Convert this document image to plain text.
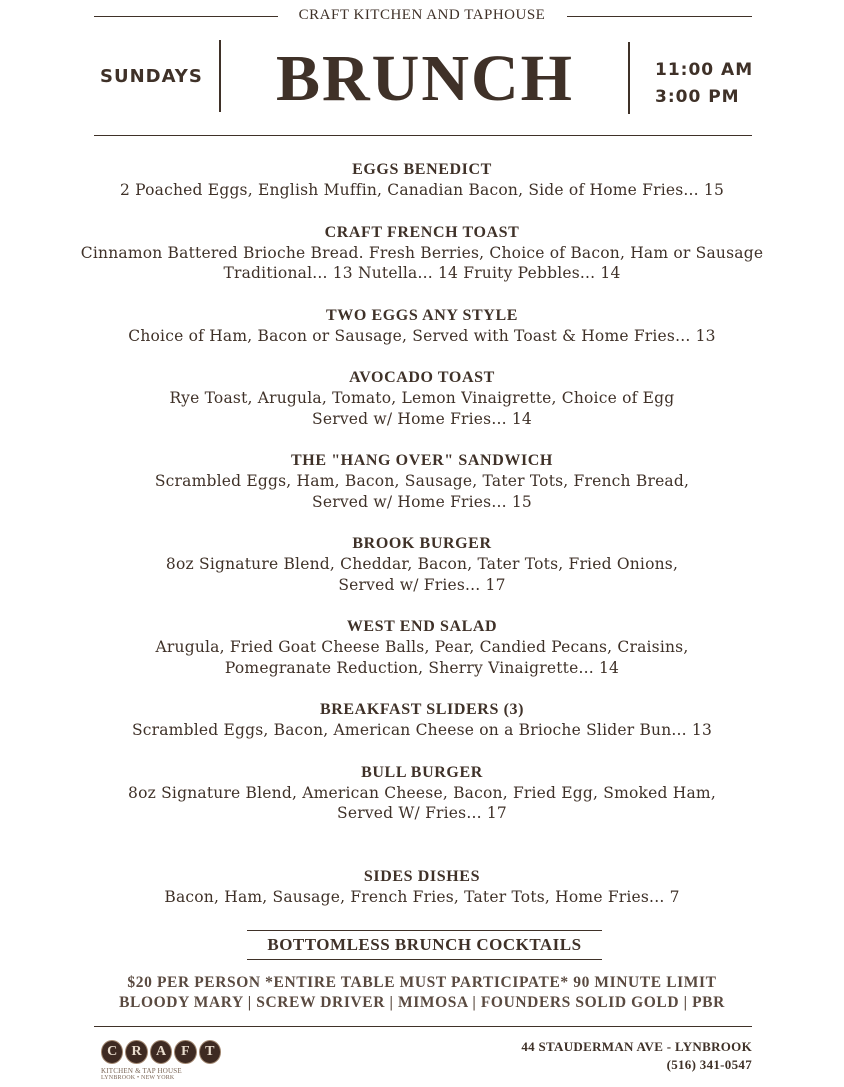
CRAFT KITCHEN AND TAPHOUSE
SUNDAYS	BRUNCH	11:00 AM
3:00 PM
EGGS BENEDICT
2 Poached Eggs, English Muffin, Canadian Bacon, Side of Home Fries... 15
CRAFT FRENCH TOAST
Cinnamon Battered Brioche Bread. Fresh Berries, Choice of Bacon, Ham or Sausage
Traditional... 13 Nutella... 14 Fruity Pebbles... 14
TWO EGGS ANY STYLE
Choice of Ham, Bacon or Sausage, Served with Toast & Home Fries... 13
AVOCADO TOAST
Rye Toast, Arugula, Tomato, Lemon Vinaigrette, Choice of Egg
Served w/ Home Fries... 14
THE "HANG OVER" SANDWICH
Scrambled Eggs, Ham, Bacon, Sausage, Tater Tots, French Bread,
Served w/ Home Fries... 15
BROOK BURGER
8oz Signature Blend, Cheddar, Bacon, Tater Tots, Fried Onions,
Served w/ Fries... 17
WEST END SALAD
Arugula, Fried Goat Cheese Balls, Pear, Candied Pecans, Craisins,
Pomegranate Reduction, Sherry Vinaigrette... 14
BREAKFAST SLIDERS (3)
Scrambled Eggs, Bacon, American Cheese on a Brioche Slider Bun... 13
BULL BURGER
8oz Signature Blend, American Cheese, Bacon, Fried Egg, Smoked Ham,
Served W/ Fries... 17
SIDES DISHES
Bacon, Ham, Sausage, French Fries, Tater Tots, Home Fries... 7
BOTTOMLESS BRUNCH COCKTAILS
$20 PER PERSON *ENTIRE TABLE MUST PARTICIPATE* 90 MINUTE LIMIT
BLOODY MARY | SCREW DRIVER | MIMOSA | FOUNDERS SOLID GOLD | PBR
C	R	A	F	T
KITCHEN & TAP HOUSE
LYNBROOK • NEW YORK
44 STAUDERMAN AVE - LYNBROOK
(516) 341-0547
